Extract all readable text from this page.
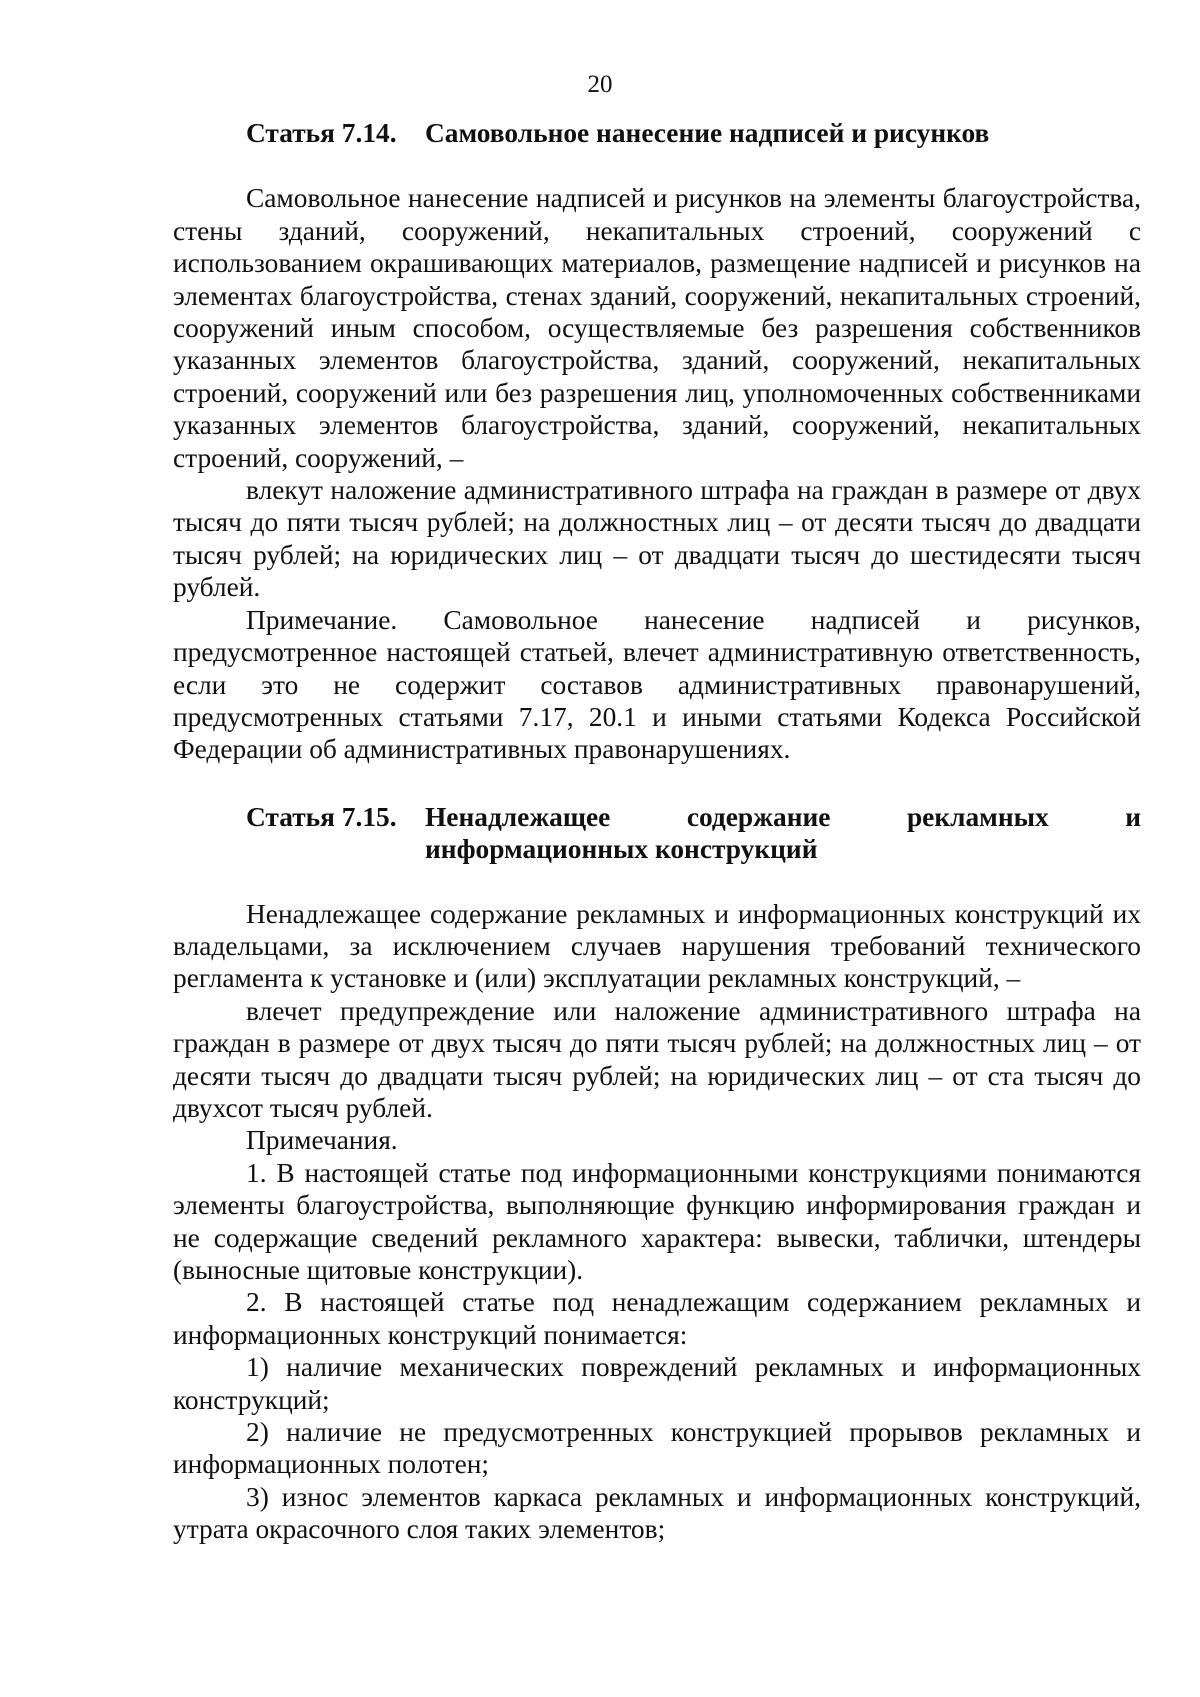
20
Статья 7.14.	Самовольное нанесение надписей и рисунков

Самовольное нанесение надписей и рисунков на элементы благоустройства, стены зданий, сооружений, некапитальных строений, сооружений с использованием окрашивающих материалов, размещение надписей и рисунков на элементах благоустройства, стенах зданий, сооружений, некапитальных строений, сооружений иным способом, осуществляемые без разрешения собственников указанных элементов благоустройства, зданий, сооружений, некапитальных строений, сооружений или без разрешения лиц, уполномоченных собственниками указанных элементов благоустройства, зданий, сооружений, некапитальных строений, сооружений, –

влекут наложение административного штрафа на граждан в размере от двух тысяч до пяти тысяч рублей; на должностных лиц – от десяти тысяч до двадцати тысяч рублей; на юридических лиц – от двадцати тысяч до шестидесяти тысяч рублей.

Примечание. Самовольное нанесение надписей и рисунков, предусмотренное настоящей статьей, влечет административную ответственность, если это не содержит составов административных правонарушений, предусмотренных статьями 7.17, 20.1 и иными статьями Кодекса Российской Федерации об административных правонарушениях.

Статья 7.15.	Ненадлежащее содержание рекламных и информационных конструкций

Ненадлежащее содержание рекламных и информационных конструкций их владельцами, за исключением случаев нарушения требований технического регламента к установке и (или) эксплуатации рекламных конструкций, –

влечет предупреждение или наложение административного штрафа на граждан в размере от двух тысяч до пяти тысяч рублей; на должностных лиц – от десяти тысяч до двадцати тысяч рублей; на юридических лиц – от ста тысяч до двухсот тысяч рублей.

Примечания.

1. В настоящей статье под информационными конструкциями понимаются элементы благоустройства, выполняющие функцию информирования граждан и не содержащие сведений рекламного характера: вывески, таблички, штендеры (выносные щитовые конструкции).

2. В настоящей статье под ненадлежащим содержанием рекламных и информационных конструкций понимается:

1) наличие механических повреждений рекламных и информационных конструкций;

2) наличие не предусмотренных конструкцией прорывов рекламных и информационных полотен;

3) износ элементов каркаса рекламных и информационных конструкций, утрата окрасочного слоя таких элементов;
